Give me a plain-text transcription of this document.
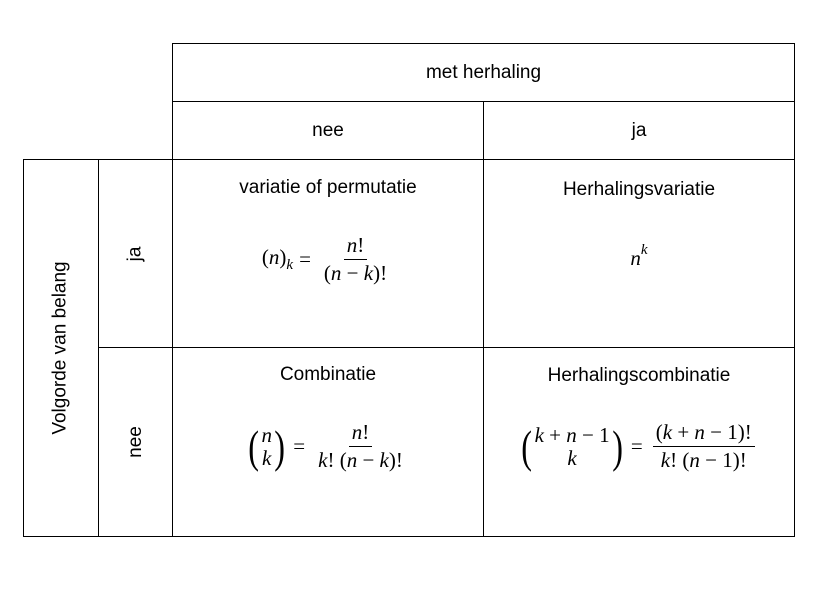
met herhaling
nee	ja
Volgorde van belang
ja
nee
variatie of permutatie
$(n)_k = \frac{n!}{(n - k)!}$
Herhalingsvariatie
$n^k$
Combinatie
( n
k ) = $\frac{n!}{k! (n - k)!}$
Herhalingscombinatie
( k + n − 1
k ) = $\frac{(k + n - 1)!}{k! (n - 1)!}$
